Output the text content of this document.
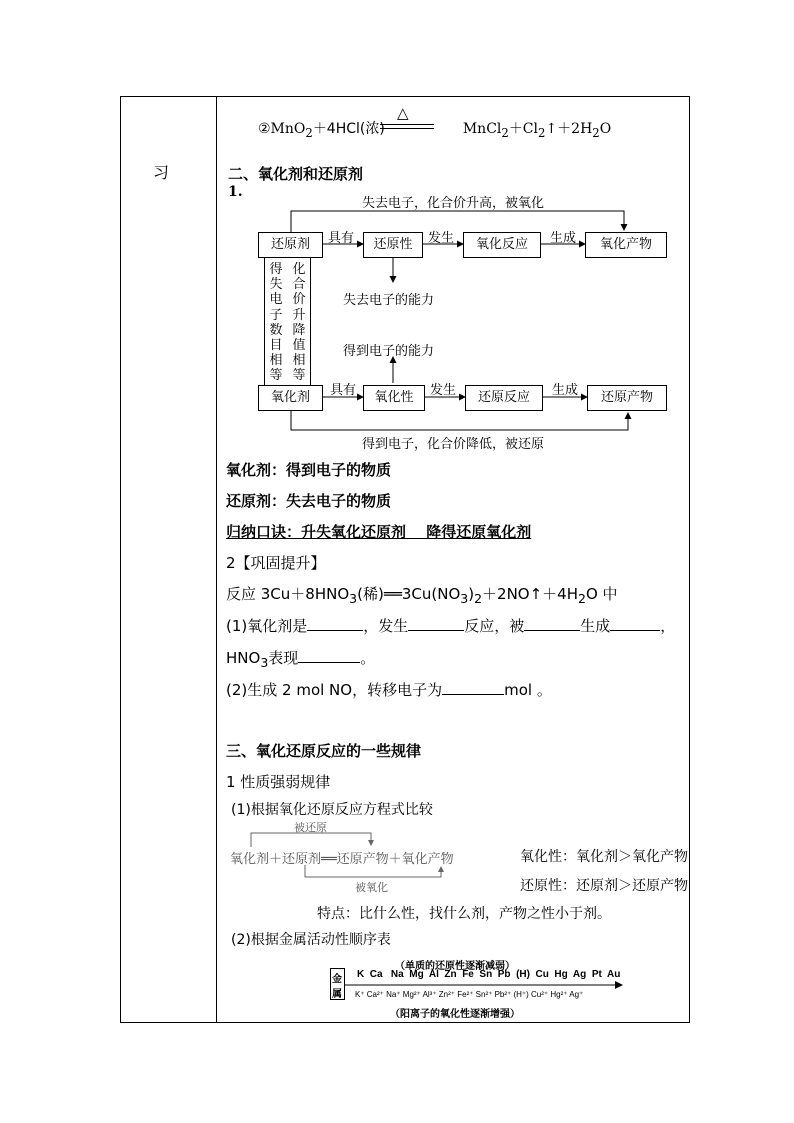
习
②MnO$_2$＋4HCl(浓)	$MnCl_2+Cl_2↑+2H_2O$
△
二、氧化剂和还原剂
1.
失去电子，化合价升高，被氧化
还原剂	还原性	氧化反应	氧化产物
具有	发生	生成
失去电子的能力
得到电子的能力
得失电子数目相等
化合价升降值相等
氧化剂	氧化性	还原反应	还原产物
具有	发生	生成
得到电子，化合价降低，被还原
氧化剂：得到电子的物质
还原剂：失去电子的物质
归纳口诀：升失氧化还原剂　 降得还原氧化剂
2【巩固提升】
反应 $3Cu+8HNO_3$(稀)$══3Cu(NO_3)_2+2NO↑+4H_2O$ 中
(1)氧化剂是	，发生	反应，被	生成	，
$HNO_3$表现	。
(2)生成 2 mol NO，转移电子为	mol 。
三、氧化还原反应的一些规律
1 性质强弱规律
(1)根据氧化还原反应方程式比较
被还原
氧化剂＋还原剂══还原产物＋氧化产物
被氧化
氧化性：氧化剂＞氧化产物
还原性：还原剂＞还原产物
特点：比什么性，找什么剂，产物之性小于剂。
(2)根据金属活动性顺序表
（单质的还原性逐渐减弱）
金
属
K  Ca   Na  Mg  Al  Zn  Fe  Sn  Pb  (H)  Cu  Hg  Ag  Pt  Au
K⁺ Ca²⁺ Na⁺ Mg²⁺ Al³⁺ Zn²⁺ Fe²⁺ Sn²⁺ Pb²⁺ (H⁺) Cu²⁺ Hg²⁺ Ag⁺
（阳离子的氧化性逐渐增强）
